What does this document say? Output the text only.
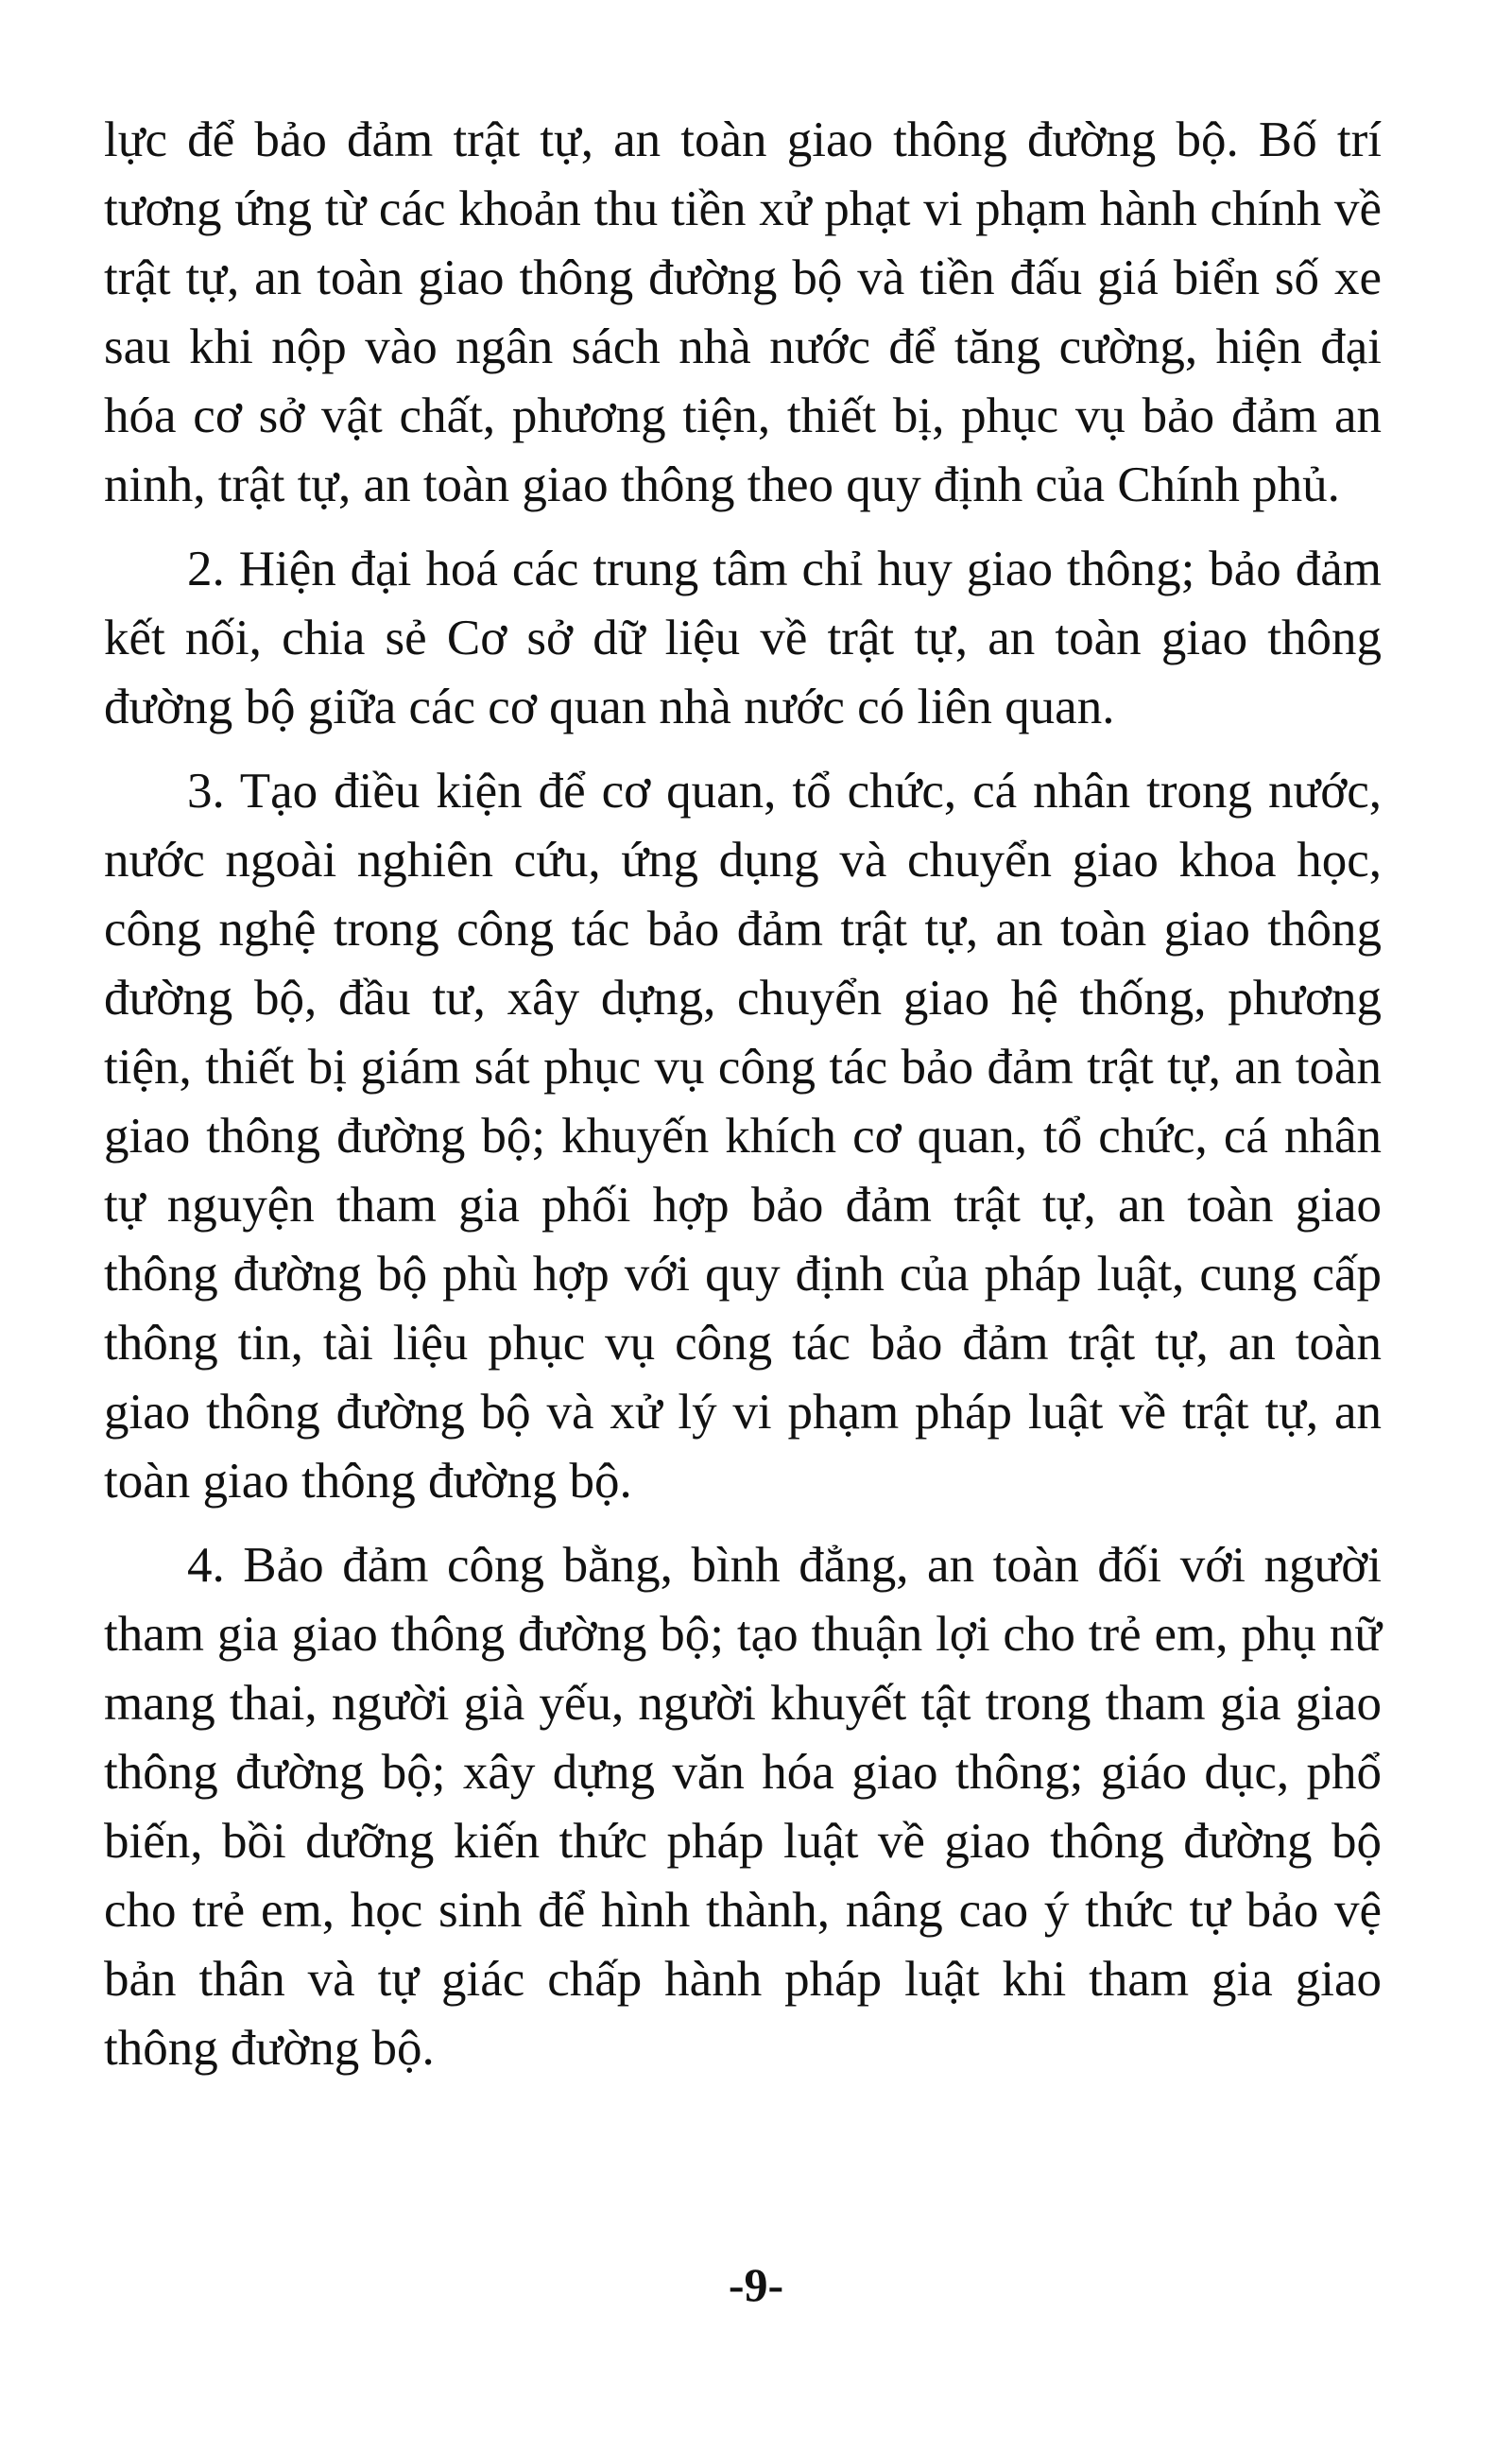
lực để bảo đảm trật tự, an toàn giao thông đường bộ. Bố trí tương ứng từ các khoản thu tiền xử phạt vi phạm hành chính về trật tự, an toàn giao thông đường bộ và tiền đấu giá biển số xe sau khi nộp vào ngân sách nhà nước để tăng cường, hiện đại hóa cơ sở vật chất, phương tiện, thiết bị, phục vụ bảo đảm an ninh, trật tự, an toàn giao thông theo quy định của Chính phủ.

2. Hiện đại hoá các trung tâm chỉ huy giao thông; bảo đảm kết nối, chia sẻ Cơ sở dữ liệu về trật tự, an toàn giao thông đường bộ giữa các cơ quan nhà nước có liên quan.

3. Tạo điều kiện để cơ quan, tổ chức, cá nhân trong nước, nước ngoài nghiên cứu, ứng dụng và chuyển giao khoa học, công nghệ trong công tác bảo đảm trật tự, an toàn giao thông đường bộ, đầu tư, xây dựng, chuyển giao hệ thống, phương tiện, thiết bị giám sát phục vụ công tác bảo đảm trật tự, an toàn giao thông đường bộ; khuyến khích cơ quan, tổ chức, cá nhân tự nguyện tham gia phối hợp bảo đảm trật tự, an toàn giao thông đường bộ phù hợp với quy định của pháp luật, cung cấp thông tin, tài liệu phục vụ công tác bảo đảm trật tự, an toàn giao thông đường bộ và xử lý vi phạm pháp luật về trật tự, an toàn giao thông đường bộ.

4. Bảo đảm công bằng, bình đẳng, an toàn đối với người tham gia giao thông đường bộ; tạo thuận lợi cho trẻ em, phụ nữ mang thai, người già yếu, người khuyết tật trong tham gia giao thông đường bộ; xây dựng văn hóa giao thông; giáo dục, phổ biến, bồi dưỡng kiến thức pháp luật về giao thông đường bộ cho trẻ em, học sinh để hình thành, nâng cao ý thức tự bảo vệ bản thân và tự giác chấp hành pháp luật khi tham gia giao thông đường bộ.

-9-
